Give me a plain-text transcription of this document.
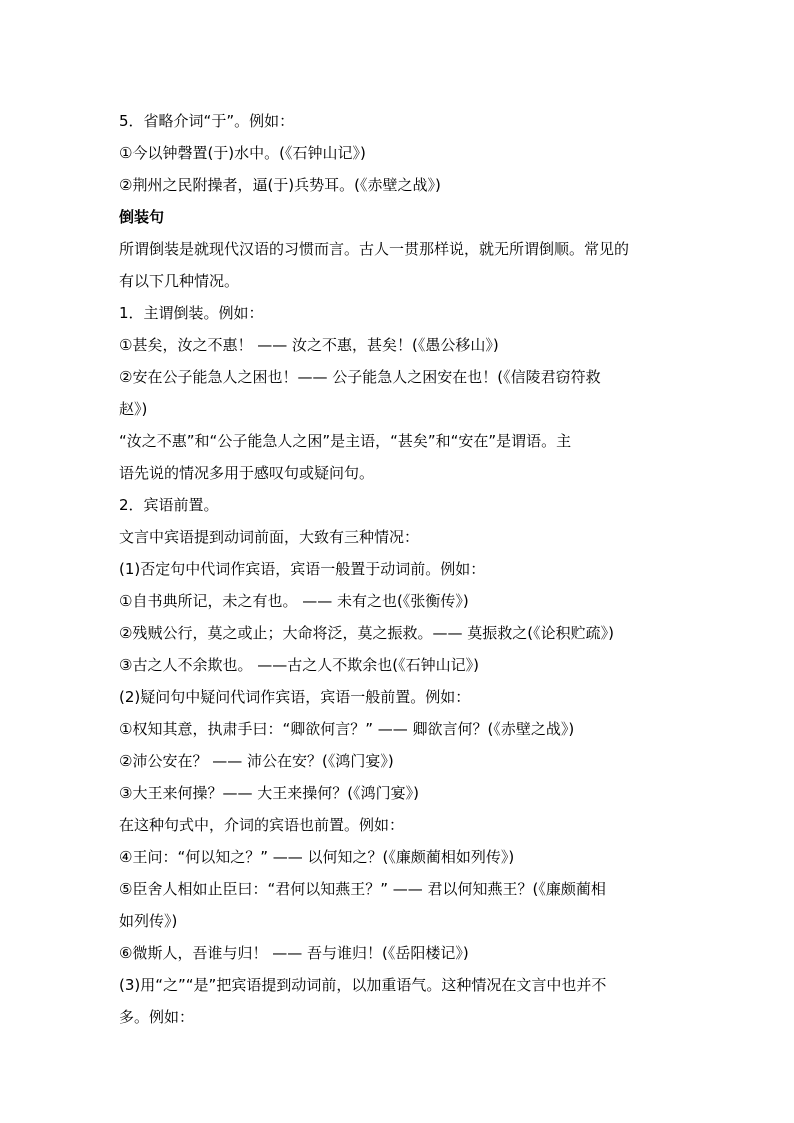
5．省略介词“于”。例如：
①今以钟磬置(于)水中。(《石钟山记》)
②荆州之民附操者，逼(于)兵势耳。(《赤壁之战》)
倒装句
所谓倒装是就现代汉语的习惯而言。古人一贯那样说，就无所谓倒顺。常见的
有以下几种情况。
1．主谓倒装。例如：
①甚矣，汝之不惠！ —— 汝之不惠，甚矣！(《愚公移山》)
②安在公子能急人之困也！—— 公子能急人之困安在也！(《信陵君窃符救
赵》)
“汝之不惠”和“公子能急人之困”是主语，“甚矣”和“安在”是谓语。主
语先说的情况多用于感叹句或疑问句。
2．宾语前置。
文言中宾语提到动词前面，大致有三种情况：
(1)否定句中代词作宾语，宾语一般置于动词前。例如：
①自书典所记，未之有也。 —— 未有之也(《张衡传》)
②残贼公行，莫之或止；大命将泛，莫之振救。—— 莫振救之(《论积贮疏》)
③古之人不余欺也。 ——古之人不欺余也(《石钟山记》)
(2)疑问句中疑问代词作宾语，宾语一般前置。例如：
①权知其意，执肃手曰：“卿欲何言？” —— 卿欲言何？(《赤壁之战》)
②沛公安在？ —— 沛公在安？(《鸿门宴》)
③大王来何操？—— 大王来操何？(《鸿门宴》)
在这种句式中，介词的宾语也前置。例如：
④王问：“何以知之？” —— 以何知之？(《廉颇蔺相如列传》)
⑤臣舍人相如止臣曰：“君何以知燕王？” —— 君以何知燕王？(《廉颇蔺相
如列传》)
⑥微斯人，吾谁与归！ —— 吾与谁归！(《岳阳楼记》)
(3)用“之”“是”把宾语提到动词前，以加重语气。这种情况在文言中也并不
多。例如：
